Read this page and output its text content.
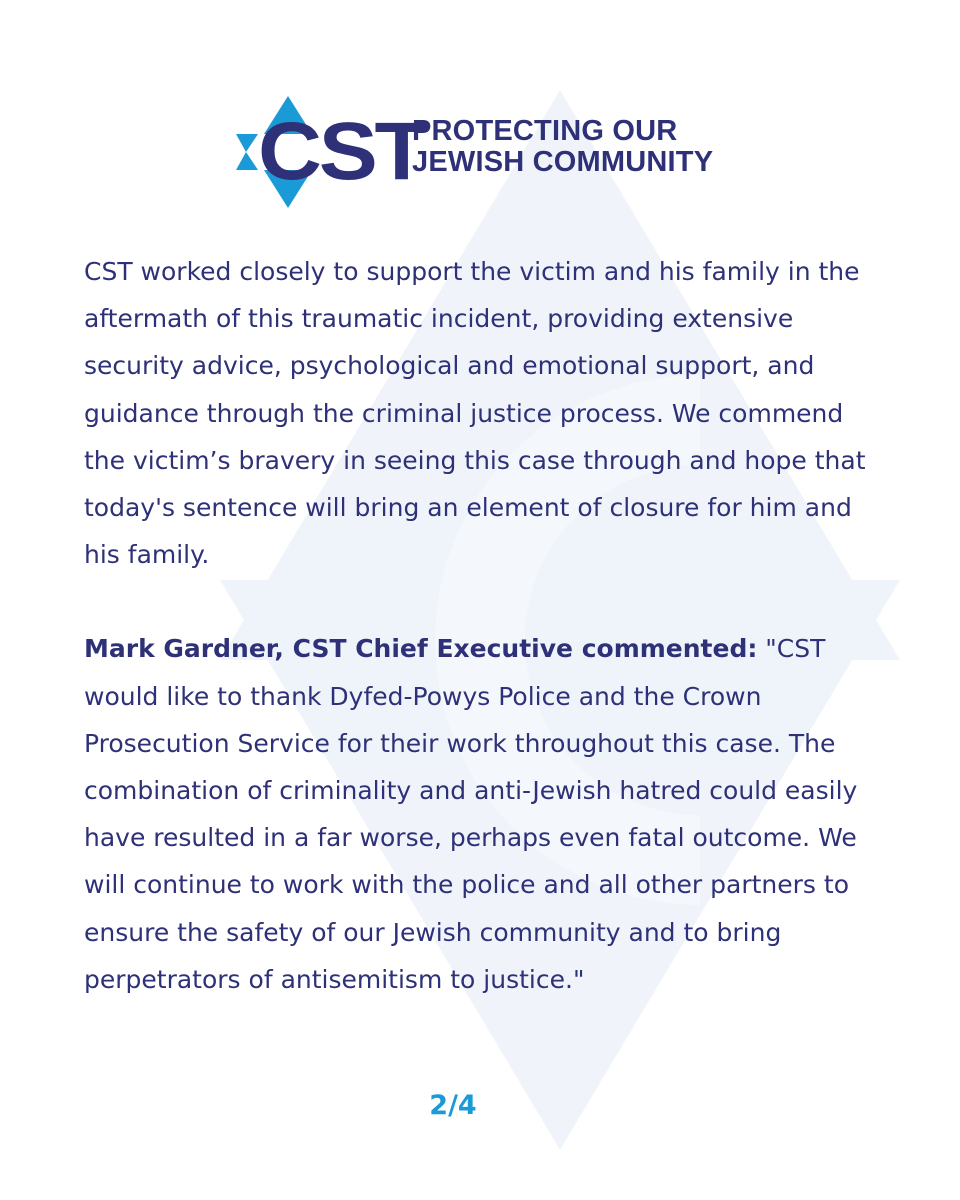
CST
PROTECTING OUR
JEWISH COMMUNITY

CST worked closely to support the victim and his family in the aftermath of this traumatic incident, providing extensive security advice, psychological and emotional support, and guidance through the criminal justice process. We commend the victim’s bravery in seeing this case through and hope that today's sentence will bring an element of closure for him and his family.

Mark Gardner, CST Chief Executive commented: "CST would like to thank Dyfed-Powys Police and the Crown Prosecution Service for their work throughout this case. The combination of criminality and anti-Jewish hatred could easily have resulted in a far worse, perhaps even fatal outcome. We will continue to work with the police and all other partners to ensure the safety of our Jewish community and to bring perpetrators of antisemitism to justice."

2/4
